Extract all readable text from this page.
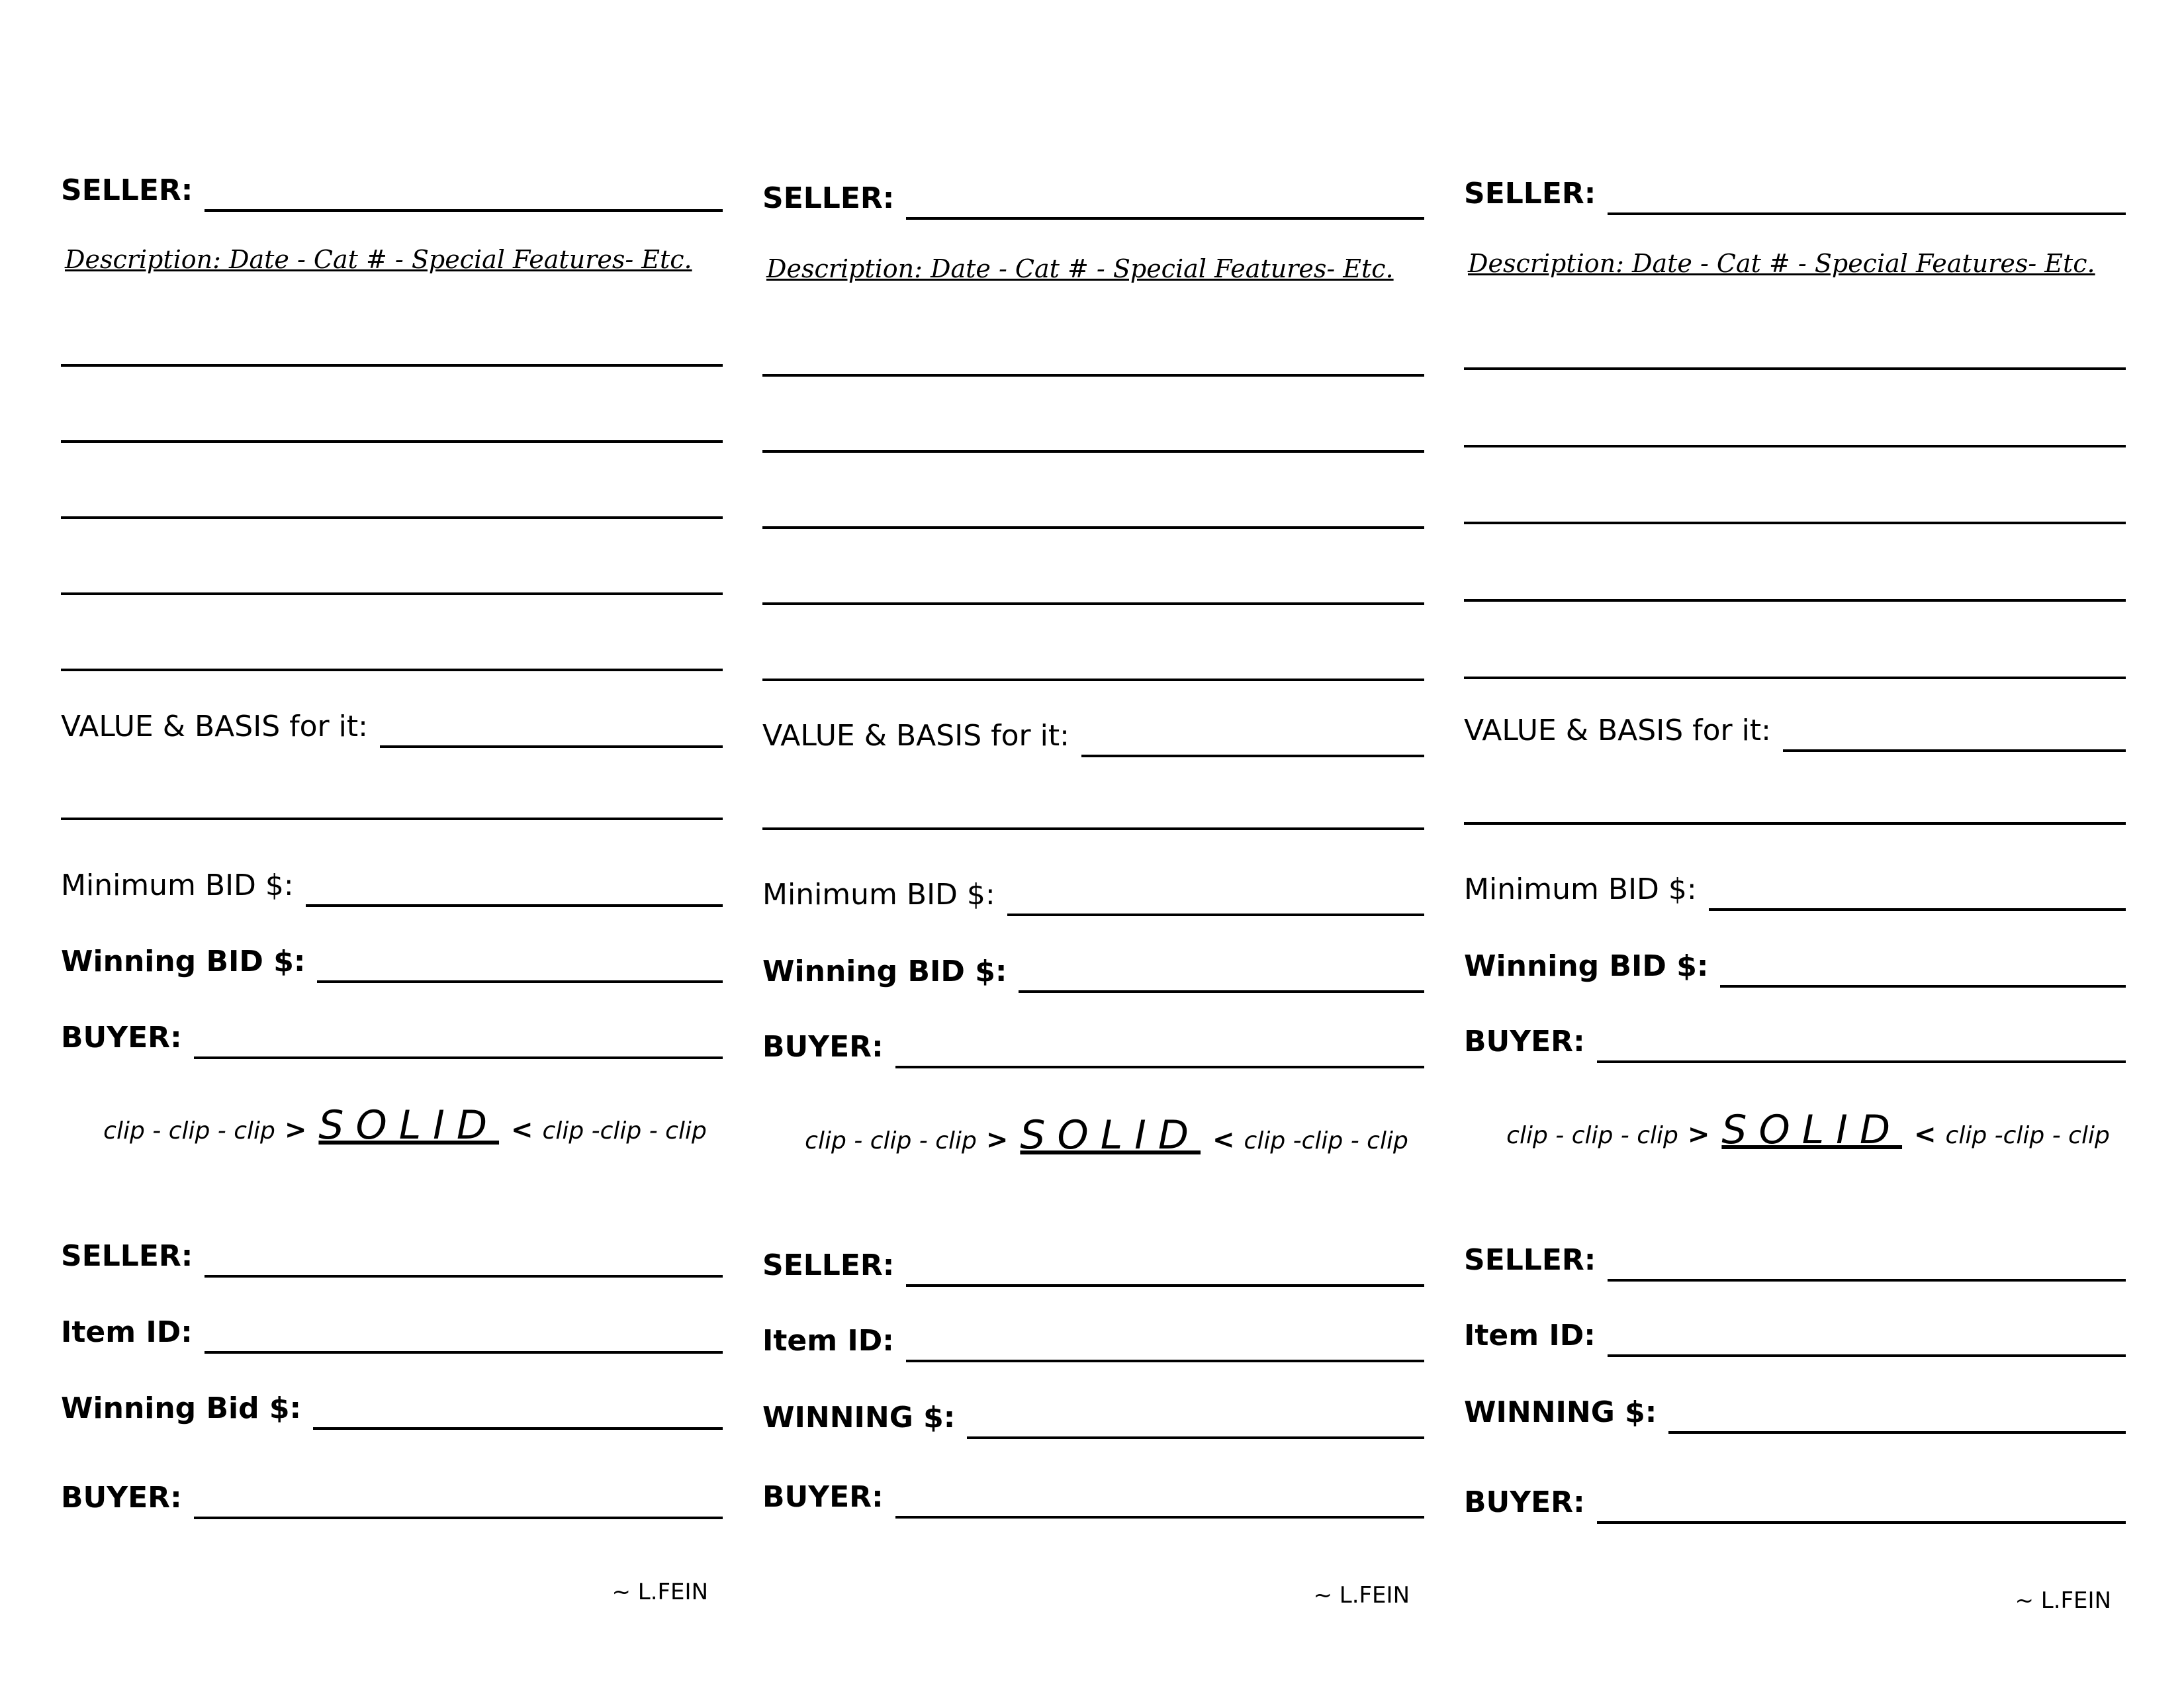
SELLER:
Description: Date - Cat # - Special Features- Etc.
VALUE & BASIS for it:
Minimum BID $:
Winning BID $:
BUYER:
clip - clip - clip > SOLID < clip -clip - clip
SELLER:
Item ID:
Winning Bid $:
BUYER:
~ L.FEIN
SELLER:
Description: Date - Cat # - Special Features- Etc.
VALUE & BASIS for it:
Minimum BID $:
Winning BID $:
BUYER:
clip - clip - clip > SOLID < clip -clip - clip
SELLER:
Item ID:
WINNING $:
BUYER:
~ L.FEIN
SELLER:
Description: Date - Cat # - Special Features- Etc.
VALUE & BASIS for it:
Minimum BID $:
Winning BID $:
BUYER:
clip - clip - clip > SOLID < clip -clip - clip
SELLER:
Item ID:
WINNING $:
BUYER:
~ L.FEIN
